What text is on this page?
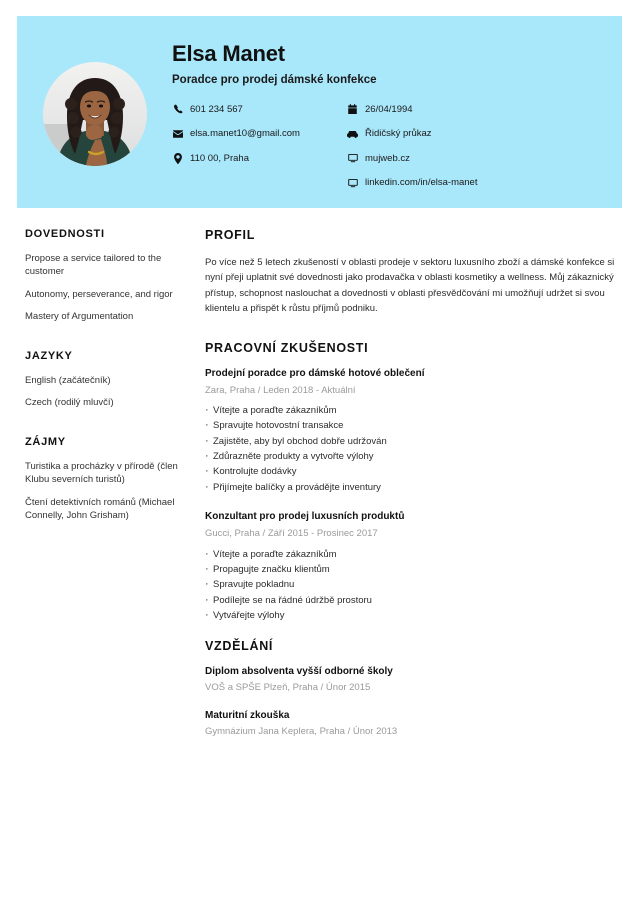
Elsa Manet
Poradce pro prodej dámské konfekce
601 234 567
elsa.manet10@gmail.com
110 00, Praha
26/04/1994
Řidičský průkaz
mujweb.cz
linkedin.com/in/elsa-manet
DOVEDNOSTI
Propose a service tailored to the customer
Autonomy, perseverance, and rigor
Mastery of Argumentation
JAZYKY
English (začátečník)
Czech (rodilý mluvčí)
ZÁJMY
Turistika a procházky v přírodě (člen Klubu severních turistů)
Čtení detektivních románů (Michael Connelly, John Grisham)
PROFIL

Po více než 5 letech zkušeností v oblasti prodeje v sektoru luxusního zboží a dámské konfekce si nyní přeji uplatnit své dovednosti jako prodavačka v oblasti kosmetiky a wellness. Můj zákaznický přístup, schopnost naslouchat a dovednosti v oblasti přesvědčování mi umožňují udržet si svou klientelu a přispět k růstu příjmů podniku.

PRACOVNÍ ZKUŠENOSTI
Prodejní poradce pro dámské hotové oblečení
Zara, Praha / Leden 2018 - Aktuální
· Vítejte a poraďte zákazníkům
· Spravujte hotovostní transakce
· Zajistěte, aby byl obchod dobře udržován
· Zdůrazněte produkty a vytvořte výlohy
· Kontrolujte dodávky
· Přijímejte balíčky a provádějte inventury
Konzultant pro prodej luxusních produktů
Gucci, Praha / Září 2015 - Prosinec 2017
· Vítejte a poraďte zákazníkům
· Propagujte značku klientům
· Spravujte pokladnu
· Podílejte se na řádné údržbě prostoru
· Vytvářejte výlohy
VZDĚLÁNÍ
Diplom absolventa vyšší odborné školy
VOŠ a SPŠE Plzeň, Praha / Únor 2015
Maturitní zkouška
Gymnázium Jana Keplera, Praha / Únor 2013
